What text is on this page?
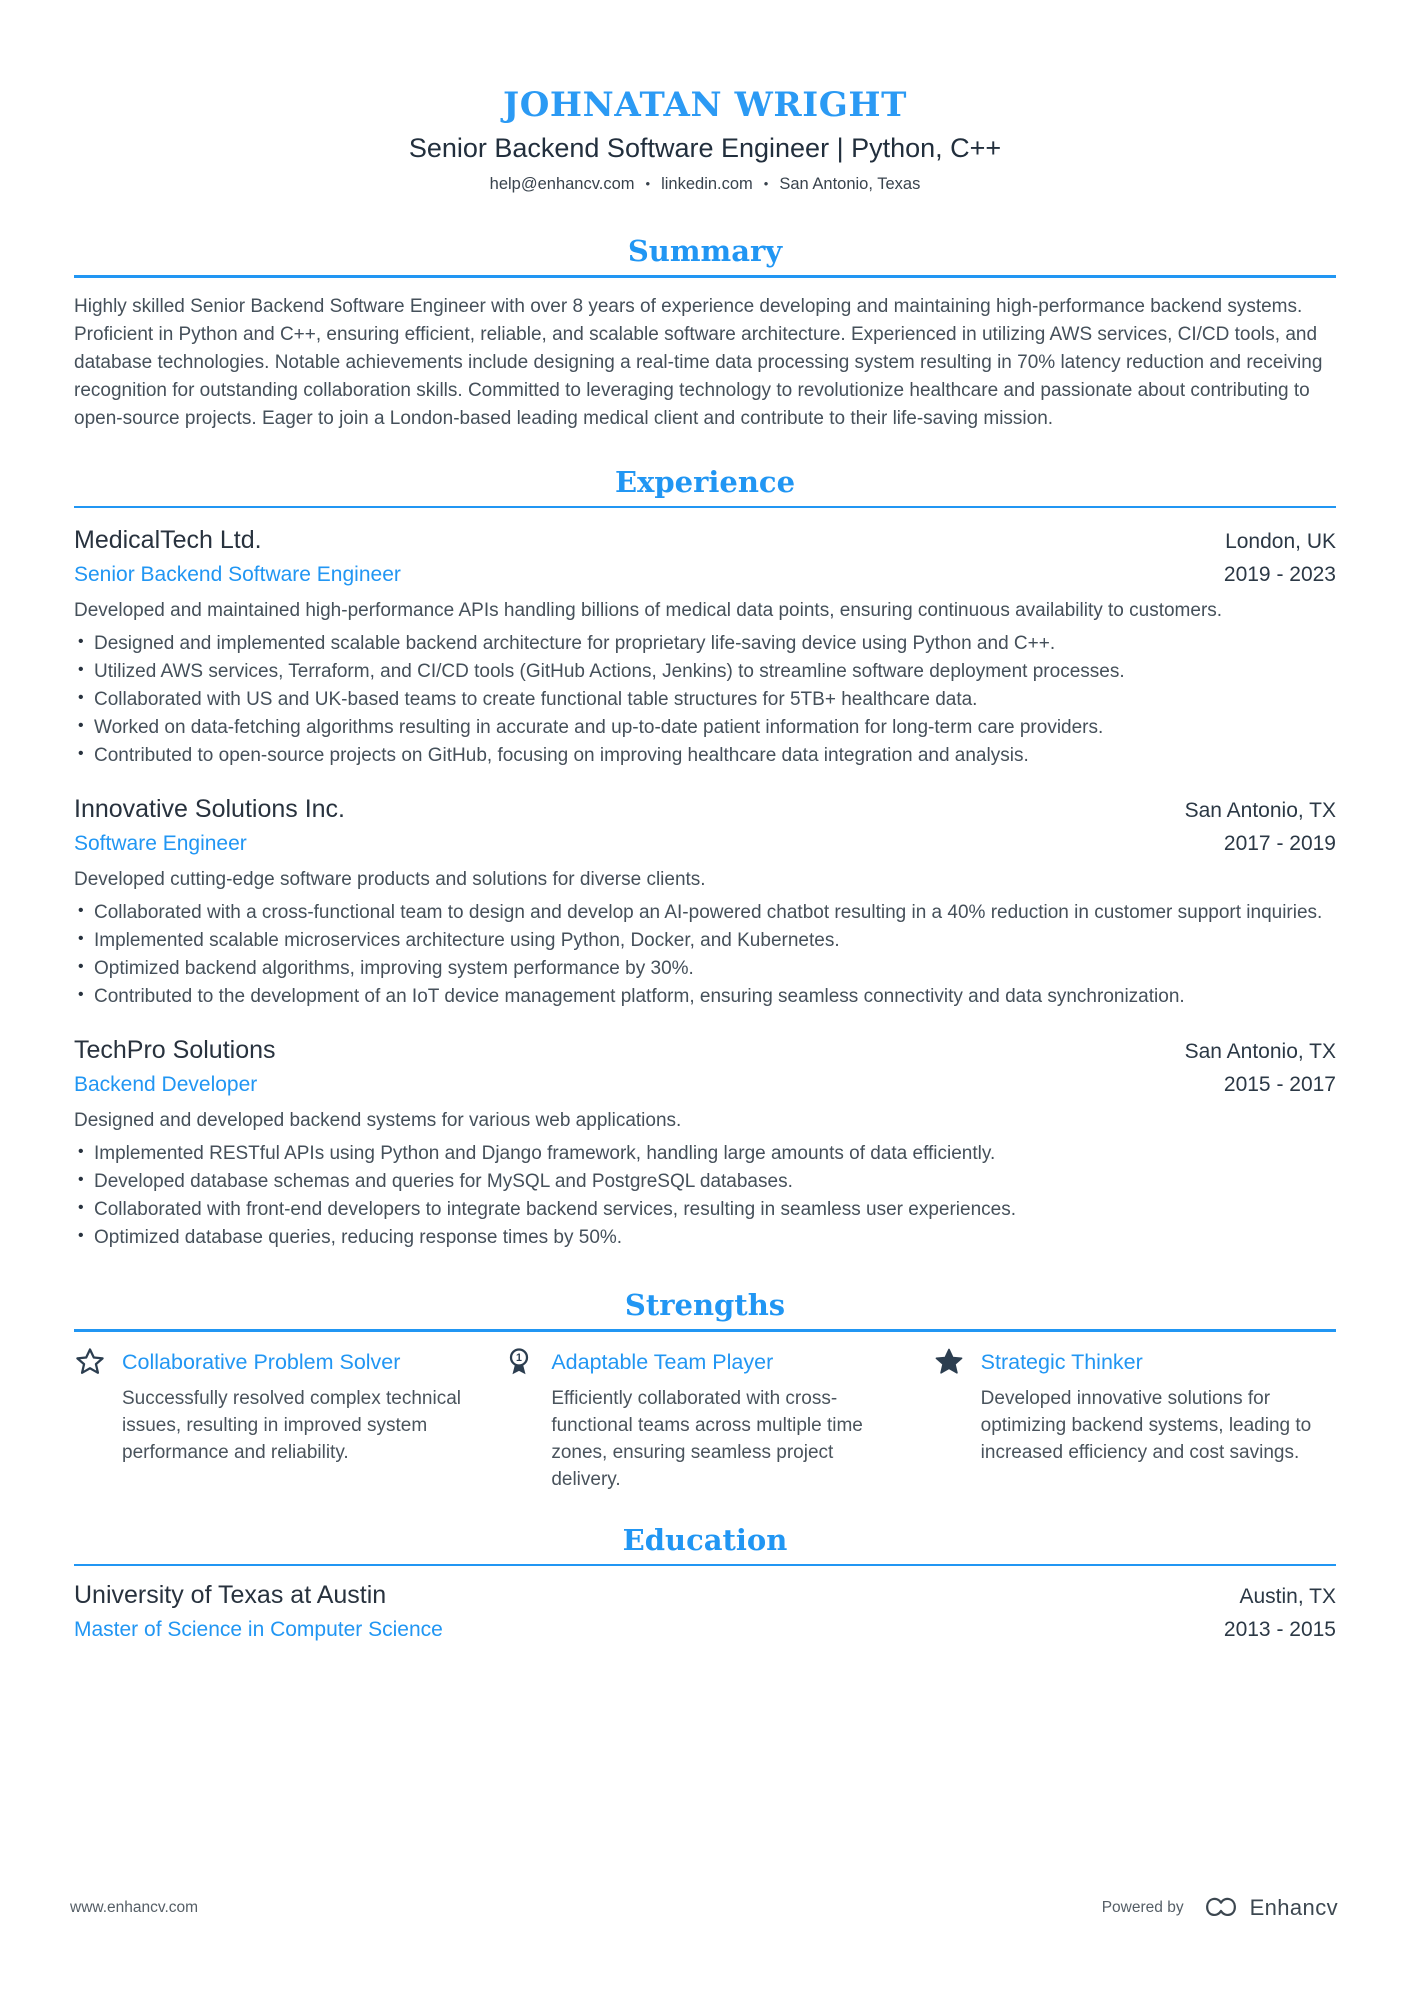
JOHNATAN WRIGHT
Senior Backend Software Engineer | Python, C++
help@enhancv.com • linkedin.com • San Antonio, Texas
Summary
Highly skilled Senior Backend Software Engineer with over 8 years of experience developing and maintaining high-performance backend systems. Proficient in Python and C++, ensuring efficient, reliable, and scalable software architecture. Experienced in utilizing AWS services, CI/CD tools, and database technologies. Notable achievements include designing a real-time data processing system resulting in 70% latency reduction and receiving recognition for outstanding collaboration skills. Committed to leveraging technology to revolutionize healthcare and passionate about contributing to open-source projects. Eager to join a London-based leading medical client and contribute to their life-saving mission.
Experience
MedicalTech Ltd.	London, UK
Senior Backend Software Engineer	2019 - 2023
Developed and maintained high-performance APIs handling billions of medical data points, ensuring continuous availability to customers.
• Designed and implemented scalable backend architecture for proprietary life-saving device using Python and C++.
• Utilized AWS services, Terraform, and CI/CD tools (GitHub Actions, Jenkins) to streamline software deployment processes.
• Collaborated with US and UK-based teams to create functional table structures for 5TB+ healthcare data.
• Worked on data-fetching algorithms resulting in accurate and up-to-date patient information for long-term care providers.
• Contributed to open-source projects on GitHub, focusing on improving healthcare data integration and analysis.
Innovative Solutions Inc.	San Antonio, TX
Software Engineer	2017 - 2019
Developed cutting-edge software products and solutions for diverse clients.
• Collaborated with a cross-functional team to design and develop an AI-powered chatbot resulting in a 40% reduction in customer support inquiries.
• Implemented scalable microservices architecture using Python, Docker, and Kubernetes.
• Optimized backend algorithms, improving system performance by 30%.
• Contributed to the development of an IoT device management platform, ensuring seamless connectivity and data synchronization.
TechPro Solutions	San Antonio, TX
Backend Developer	2015 - 2017
Designed and developed backend systems for various web applications.
• Implemented RESTful APIs using Python and Django framework, handling large amounts of data efficiently.
• Developed database schemas and queries for MySQL and PostgreSQL databases.
• Collaborated with front-end developers to integrate backend services, resulting in seamless user experiences.
• Optimized database queries, reducing response times by 50%.
Strengths
Collaborative Problem Solver
Successfully resolved complex technical issues, resulting in improved system performance and reliability.
1 Adaptable Team Player
Efficiently collaborated with cross-functional teams across multiple time zones, ensuring seamless project delivery.
Strategic Thinker
Developed innovative solutions for optimizing backend systems, leading to increased efficiency and cost savings.
Education
University of Texas at Austin	Austin, TX
Master of Science in Computer Science	2013 - 2015
www.enhancv.com	Powered by	Enhancv
